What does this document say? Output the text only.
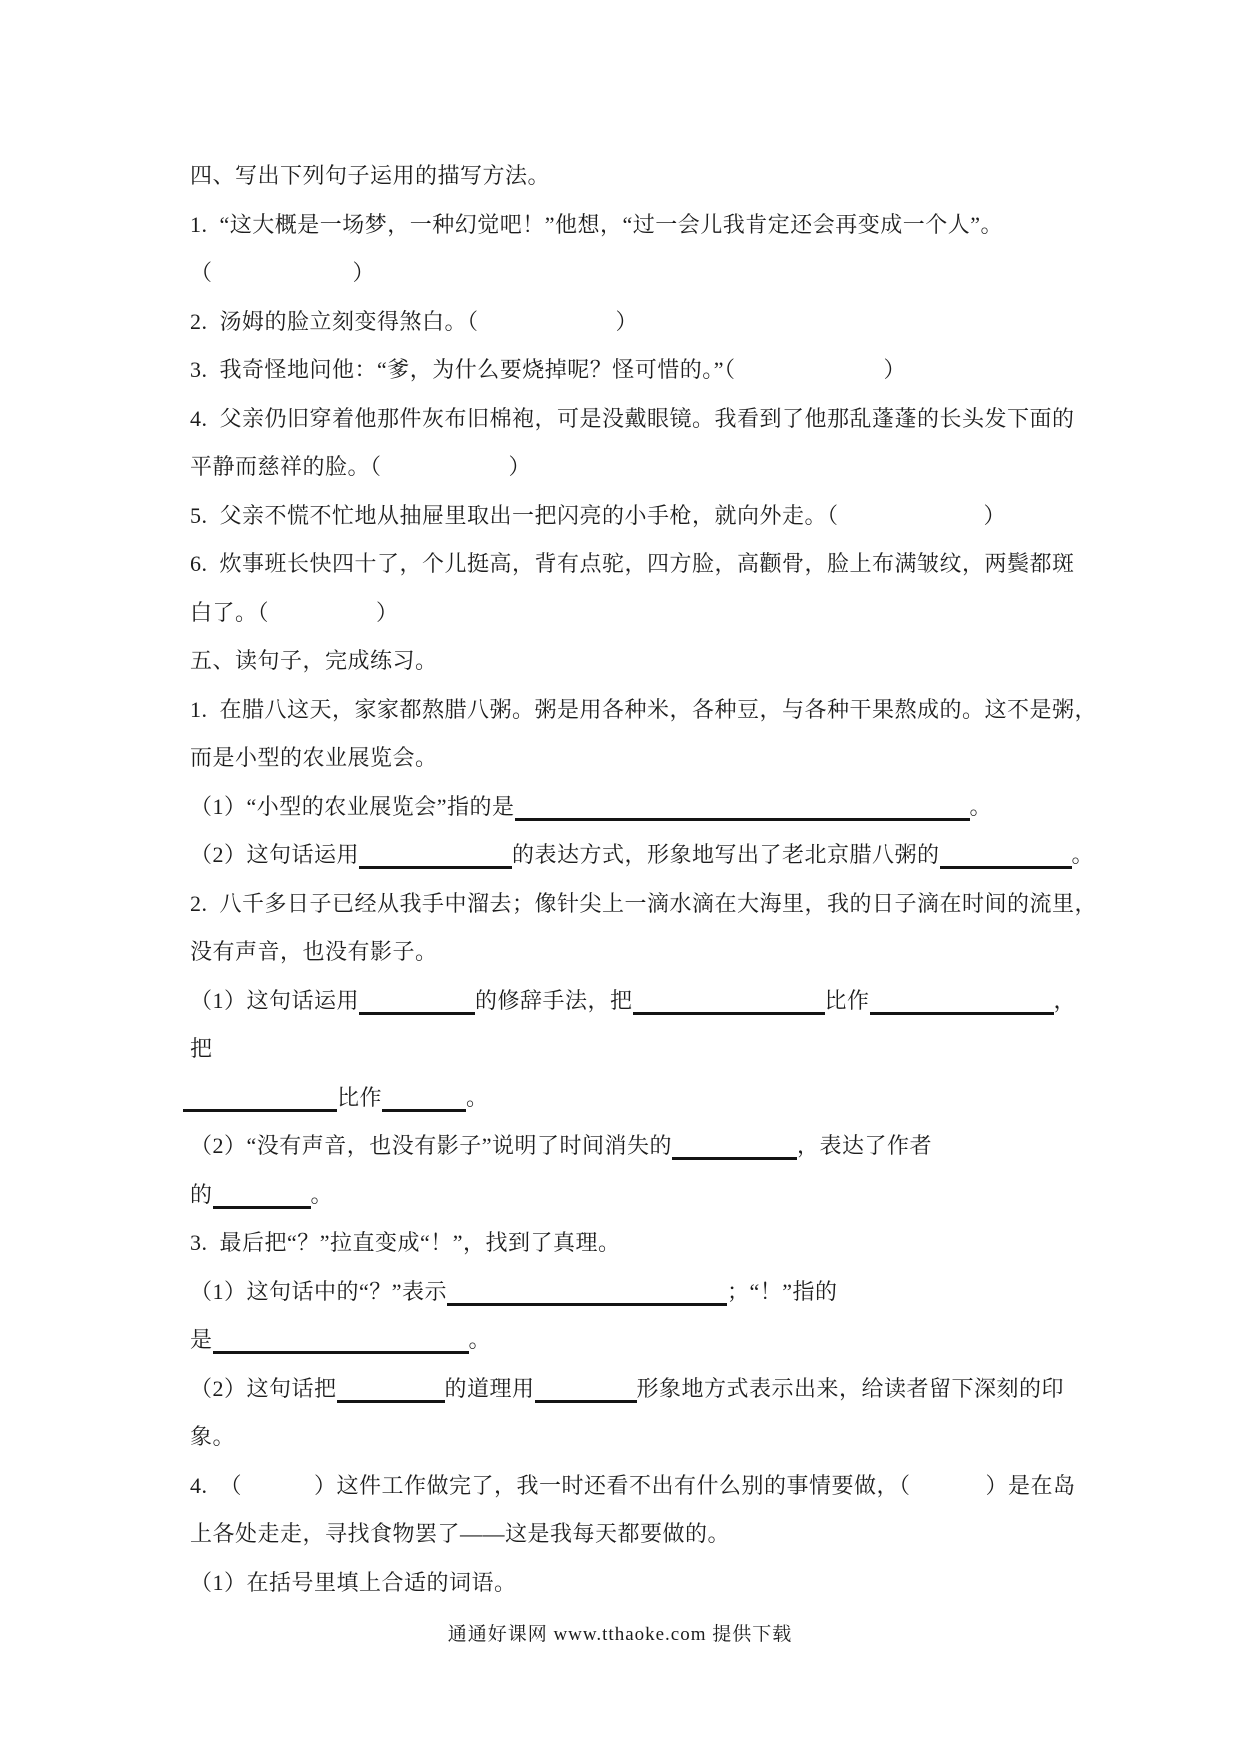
四、写出下列句子运用的描写方法。
1.  “这大概是一场梦，一种幻觉吧！”他想，“过一会儿我肯定还会再变成一个人”。
（	）
2.  汤姆的脸立刻变得煞白。（	）
3.  我奇怪地问他：“爹，为什么要烧掉呢？怪可惜的。”（	）
4.  父亲仍旧穿着他那件灰布旧棉袍，可是没戴眼镜。我看到了他那乱蓬蓬的长头发下面的
平静而慈祥的脸。（	）
5.  父亲不慌不忙地从抽屉里取出一把闪亮的小手枪，就向外走。（	）
6.  炊事班长快四十了，个儿挺高，背有点驼，四方脸，高颧骨，脸上布满皱纹，两鬓都斑
白了。（	）
五、读句子，完成练习。
1.  在腊八这天，家家都熬腊八粥。粥是用各种米，各种豆，与各种干果熬成的。这不是粥，
而是小型的农业展览会。
（1）“小型的农业展览会”指的是	。
（2）这句话运用	的表达方式，形象地写出了老北京腊八粥的	。
2.  八千多日子已经从我手中溜去；像针尖上一滴水滴在大海里，我的日子滴在时间的流里，
没有声音，也没有影子。
（1）这句话运用	的修辞手法，把	比作	，
把
比作	。
（2）“没有声音，也没有影子”说明了时间消失的	，表达了作者
的	。
3.  最后把“？”拉直变成“！”，找到了真理。
（1）这句话中的“？”表示	；“！”指的
是	。
（2）这句话把	的道理用	形象地方式表示出来，给读者留下深刻的印
象。
4.  （	）这件工作做完了，我一时还看不出有什么别的事情要做，（	）是在岛
上各处走走，寻找食物罢了——这是我每天都要做的。
（1）在括号里填上合适的词语。
通通好课网 www.tthaoke.com 提供下载
